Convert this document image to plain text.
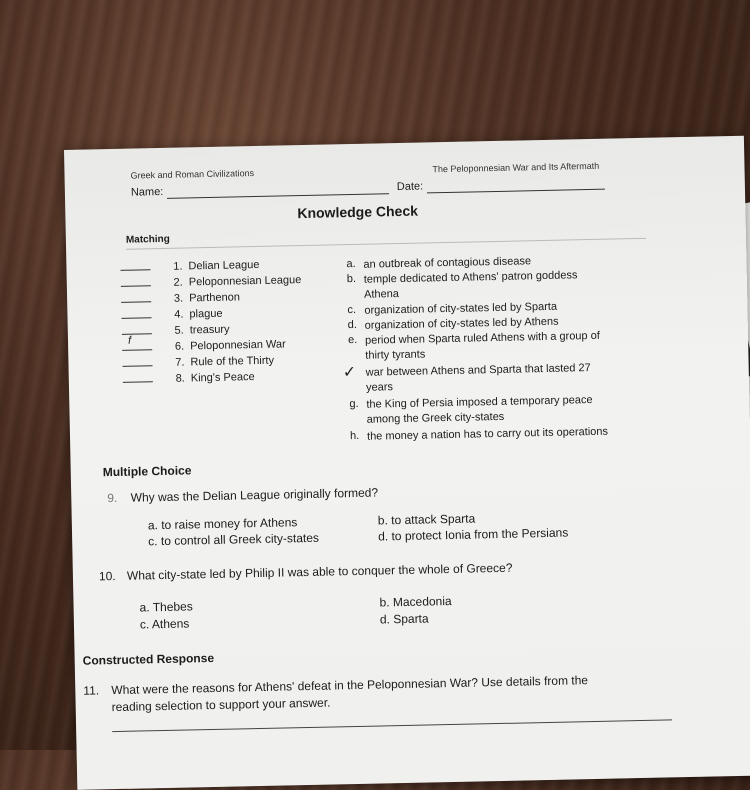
Greek and Roman Civilizations
The Peloponnesian War and Its Aftermath
Name:	Date:
Knowledge Check
Matching
1. Delian League
2. Peloponnesian League
3. Parthenon
4. plague
5. treasury
f	6. Peloponnesian War
7. Rule of the Thirty
8. King's Peace
a. an outbreak of contagious disease
b. temple dedicated to Athens' patron goddess Athena
c. organization of city-states led by Sparta
d. organization of city-states led by Athens
e. period when Sparta ruled Athens with a group of thirty tyrants
✓ war between Athens and Sparta that lasted 27 years
g. the King of Persia imposed a temporary peace among the Greek city-states
h. the money a nation has to carry out its operations
Multiple Choice
9. Why was the Delian League originally formed?
a. to raise money for Athens	b. to attack Sparta
c. to control all Greek city-states	d. to protect Ionia from the Persians
10. What city-state led by Philip II was able to conquer the whole of Greece?
a. Thebes	b. Macedonia
c. Athens	d. Sparta
Constructed Response
11. What were the reasons for Athens' defeat in the Peloponnesian War? Use details from the
reading selection to support your answer.
